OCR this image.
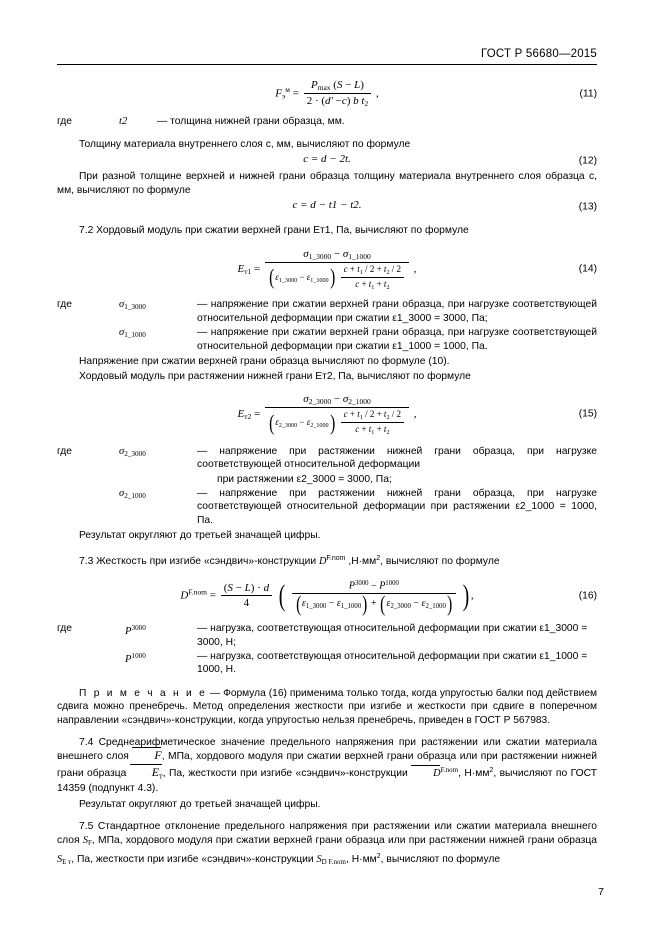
ГОСТ Р 56680—2015
$F_э^м = \frac{P_{max} (S - L)}{2 \cdot (d' -c) b t_2}$ ,	(11)
где	t2	— толщина нижней грани образца, мм.

Толщину материала внутреннего слоя c, мм, вычисляют по формуле

c = d − 2t.	(12)

При разной толщине верхней и нижней грани образца толщину материала внутреннего слоя образца c, мм, вычисляют по формуле

c = d − t1 − t2.	(13)

7.2 Хордовый модуль при сжатии верхней грани Eт1, Па, вычисляют по формуле

$E_{т1}$ =
$\sigma_{1\_3000} - \sigma_{1\_1000}$
$(\varepsilon_{1\_3000} - \varepsilon_{1\_1000}) \frac{c + t_1 / 2 + t_2 / 2}{c + t_1 + t_2}$ ,	(14)
где	$\sigma_{1\_3000}$	— напряжение при сжатии верхней грани образца, при нагрузке соответствующей относительной деформации при сжатии ε1_3000 = 3000, Па;
$\sigma_{1\_1000}$	— напряжение при сжатии верхней грани образца, при нагрузке соответствующей относительной деформации при сжатии ε1_1000 = 1000, Па.

Напряжение при сжатии верхней грани образца вычисляют по формуле (10).

Хордовый модуль при растяжении нижней грани Eт2, Па, вычисляют по формуле

$E_{т2}$ =
$\sigma_{2\_3000} - \sigma_{2\_1000}$
$(\varepsilon_{2\_3000} - \varepsilon_{2\_1000}) \frac{c + t_1 / 2 + t_2 / 2}{c + t_1 + t_2}$ ,	(15)
где	$\sigma_{2\_3000}$	— напряжение при растяжении нижней грани образца, при нагрузке соответствующей относительной деформации
при растяжении ε2_3000 = 3000, Па;
$\sigma_{2\_1000}$	— напряжение при растяжении нижней грани образца, при нагрузке соответствующей относительной деформации при растяжении ε2_1000 = 1000, Па.

Результат округляют до третьей значащей цифры.

7.3 Жесткость при изгибе «сэндвич»-конструкции $D^{F.nom}$ $,Н\cdot мм^2$, вычисляют по формуле

$D^{F.nom} = \frac{(S - L) \cdot d}{4}$ ( $\frac{P^{3000} - P^{1000}}{(\varepsilon_{1\_3000} - \varepsilon_{1\_1000}) + (\varepsilon_{2\_3000} - \varepsilon_{2\_1000})}$ ) ,	(16)
где	$P^{3000}$	— нагрузка, соответствующая относительной деформации при сжатии ε1_3000 = 3000, Н;
$P^{1000}$	— нагрузка, соответствующая относительной деформации при сжатии ε1_1000 = 1000, Н.
П р и м е ч а н и е — Формула (16) применима только тогда, когда упругостью балки под действием сдвига можно пренебречь. Метод определения жесткости при изгибе и жесткости при сдвиге в поперечном направлении «сэндвич»-конструкции, когда упругостью нельзя пренебречь, приведен в ГОСТ Р 567983.
7.4 Среднеарифметическое значение предельного напряжения при растяжении или сжатии материала внешнего слоя F, МПа, хордового модуля при сжатии верхней грани образца или при растяжении нижней грани образца $E_т$, Па, жесткости при изгибе «сэндвич»-конструкции $D^{F.nom}$, $Н\cdot мм^2$, вычисляют по ГОСТ 14359 (подпункт 4.3).

Результат округляют до третьей значащей цифры.

7.5 Стандартное отклонение предельного напряжения при растяжении или сжатии материала внешнего слоя $S_F$, МПа, хордового модуля при сжатии верхней грани образца или при растяжении нижней грани образца $S_{E т}$, Па, жесткости при изгибе «сэндвич»-конструкции $S_{D F.nom}$, $Н\cdot мм^2$, вычисляют по формуле
7
